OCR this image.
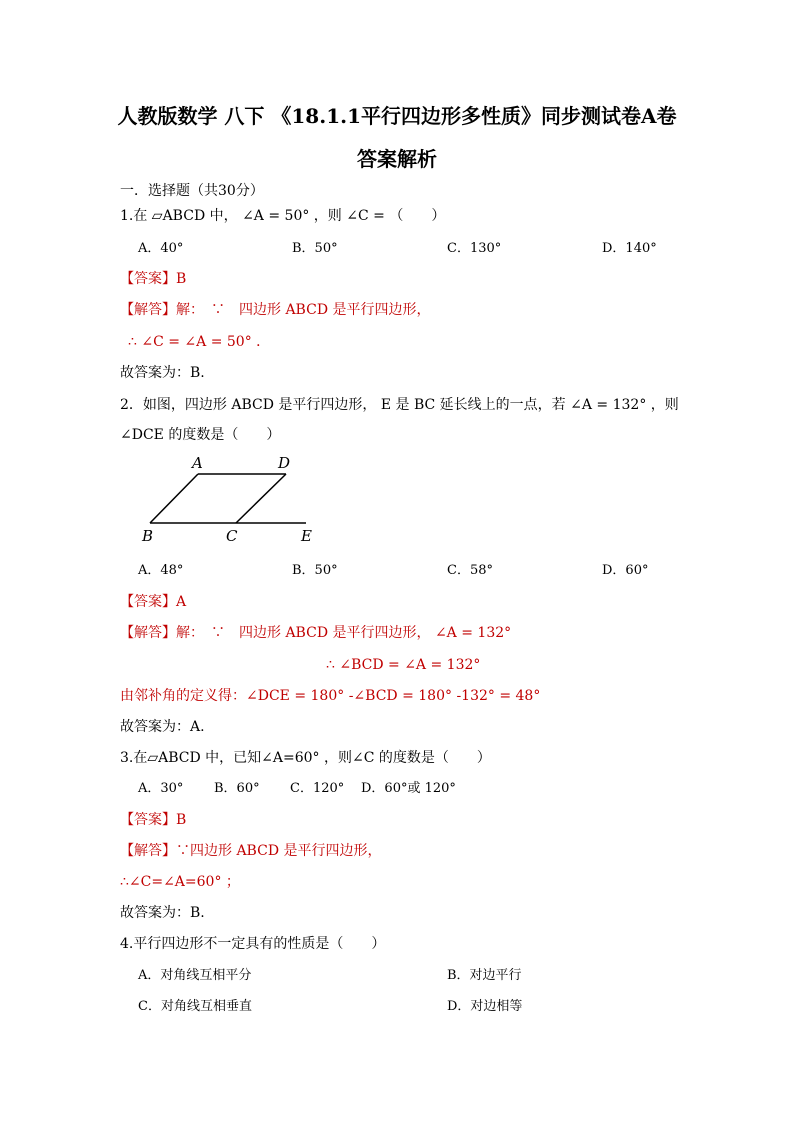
人教版数学 八下 《18.1.1平行四边形多性质》同步测试卷A卷
答案解析
一．选择题（共30分）
1.在 ▱ABCD 中， ∠A = 50° ，则 ∠C = （　　）
A．40°	B．50°	C．130°	D．140°
【答案】B
【解答】解：　∵　四边形 ABCD 是平行四边形，
∴ ∠C = ∠A = 50° ．
故答案为：B.
2．如图，四边形 ABCD 是平行四边形， E 是 BC 延长线上的一点，若 ∠A = 132° ，则
∠DCE 的度数是（　　）
A	D
B	C	E
A．48°	B．50°	C．58°	D．60°
【答案】A
【解答】解：　 ∵　四边形 ABCD 是平行四边形， ∠A = 132°
∴ ∠BCD = ∠A = 132°
由邻补角的定义得：∠DCE = 180° -∠BCD = 180° -132° = 48°
故答案为：A.
3.在▱ABCD 中，已知∠A=60° ，则∠C 的度数是（　　）
A．30° B．60° C．120° D．60°或 120°
【答案】B
【解答】∵四边形 ABCD 是平行四边形，
∴∠C=∠A=60° ；
故答案为：B.
4.平行四边形不一定具有的性质是（　　）
A．对角线互相平分	B．对边平行
C．对角线互相垂直	D．对边相等
